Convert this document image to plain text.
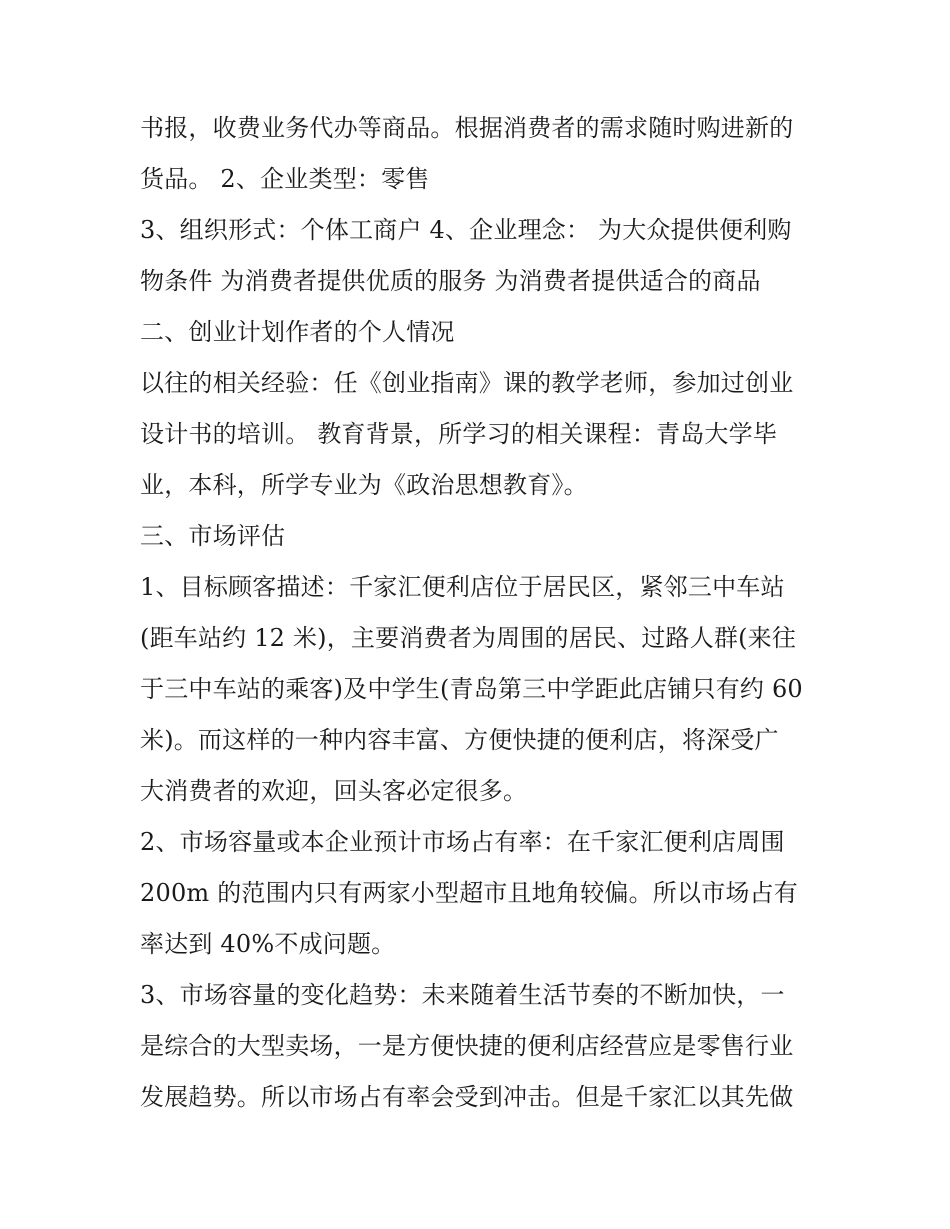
书报，收费业务代办等商品。根据消费者的需求随时购进新的
货品。 2、企业类型：零售
3、组织形式：个体工商户 4、企业理念： 为大众提供便利购
物条件 为消费者提供优质的服务 为消费者提供适合的商品
二、创业计划作者的个人情况
以往的相关经验：任《创业指南》课的教学老师，参加过创业
设计书的培训。 教育背景，所学习的相关课程：青岛大学毕
业，本科，所学专业为《政治思想教育》。
三、市场评估
1、目标顾客描述：千家汇便利店位于居民区，紧邻三中车站
(距车站约 12 米)，主要消费者为周围的居民、过路人群(来往
于三中车站的乘客)及中学生(青岛第三中学距此店铺只有约 60
米)。而这样的一种内容丰富、方便快捷的便利店，将深受广
大消费者的欢迎，回头客必定很多。
2、市场容量或本企业预计市场占有率：在千家汇便利店周围
200m 的范围内只有两家小型超市且地角较偏。所以市场占有
率达到 40%不成问题。
3、市场容量的变化趋势：未来随着生活节奏的不断加快，一
是综合的大型卖场，一是方便快捷的便利店经营应是零售行业
发展趋势。所以市场占有率会受到冲击。但是千家汇以其先做
